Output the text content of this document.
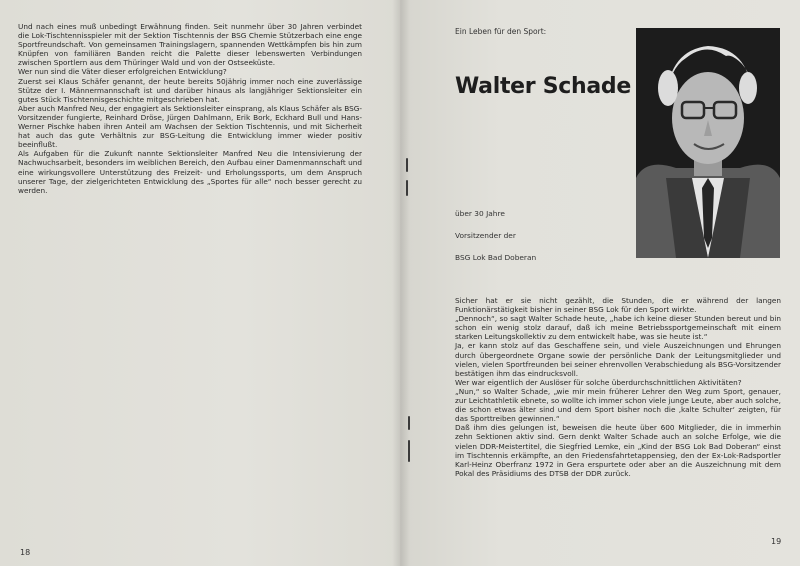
Und nach eines muß unbedingt Erwähnung finden. Seit nunmehr über 30 Jahren verbindet die Lok-Tischtennisspieler mit der Sektion Tischtennis der BSG Chemie Stützerbach eine enge Sportfreundschaft. Von gemeinsamen Trainingslagern, spannenden Wettkämpfen bis hin zum Knüpfen von familiären Banden reicht die Palette dieser lebenswerten Verbindungen zwischen Sportlern aus dem Thüringer Wald und von der Ostseeküste.

Wer nun sind die Väter dieser erfolgreichen Entwicklung?

Zuerst sei Klaus Schäfer genannt, der heute bereits 50jährig immer noch eine zuverlässige Stütze der I. Männermannschaft ist und darüber hinaus als langjähriger Sektionsleiter ein gutes Stück Tischtennisgeschichte mitgeschrieben hat.

Aber auch Manfred Neu, der engagiert als Sektionsleiter einsprang, als Klaus Schäfer als BSG-Vorsitzender fungierte, Reinhard Dröse, Jürgen Dahlmann, Erik Bork, Eckhard Bull und Hans-Werner Pischke haben ihren Anteil am Wachsen der Sektion Tischtennis, und mit Sicherheit hat auch das gute Verhältnis zur BSG-Leitung die Entwicklung immer wieder positiv beeinflußt.

Als Aufgaben für die Zukunft nannte Sektionsleiter Manfred Neu die Intensivierung der Nachwuchsarbeit, besonders im weiblichen Bereich, den Aufbau einer Damenmannschaft und eine wirkungsvollere Unterstützung des Freizeit- und Erholungssports, um dem Anspruch unserer Tage, der zielgerichteten Entwicklung des „Sportes für alle“ noch besser gerecht zu werden.

18
19
Ein Leben für den Sport:
Walter Schade
über 30 Jahre
Vorsitzender der
BSG Lok Bad Doberan

Sicher hat er sie nicht gezählt, die Stunden, die er während der langen Funktionärstätigkeit bisher in seiner BSG Lok für den Sport wirkte.

„Dennoch“, so sagt Walter Schade heute, „habe ich keine dieser Stunden bereut und bin schon ein wenig stolz darauf, daß ich meine Betriebssportgemeinschaft mit einem starken Leitungskollektiv zu dem entwickelt habe, was sie heute ist.“

Ja, er kann stolz auf das Geschaffene sein, und viele Auszeichnungen und Ehrungen durch übergeordnete Organe sowie der persönliche Dank der Leitungsmitglieder und vielen, vielen Sportfreunden bei seiner ehrenvollen Verabschiedung als BSG-Vorsitzender bestätigen ihm das eindrucksvoll.

Wer war eigentlich der Auslöser für solche überdurchschnittlichen Aktivitäten?

„Nun,“ so Walter Schade, „wie mir mein früherer Lehrer den Weg zum Sport, genauer, zur Leichtathletik ebnete, so wollte ich immer schon viele junge Leute, aber auch solche, die schon etwas älter sind und dem Sport bisher noch die ‚kalte Schulter‘ zeigten, für das Sporttreiben gewinnen.“

Daß ihm dies gelungen ist, beweisen die heute über 600 Mitglieder, die in immerhin zehn Sektionen aktiv sind. Gern denkt Walter Schade auch an solche Erfolge, wie die vielen DDR-Meistertitel, die Siegfried Lemke, ein „Kind der BSG Lok Bad Doberan“ einst im Tischtennis erkämpfte, an den Friedensfahrtetappensieg, den der Ex-Lok-Radsportler Karl-Heinz Oberfranz 1972 in Gera erspurtete oder aber an die Auszeichnung mit dem Pokal des Präsidiums des DTSB der DDR zurück.
